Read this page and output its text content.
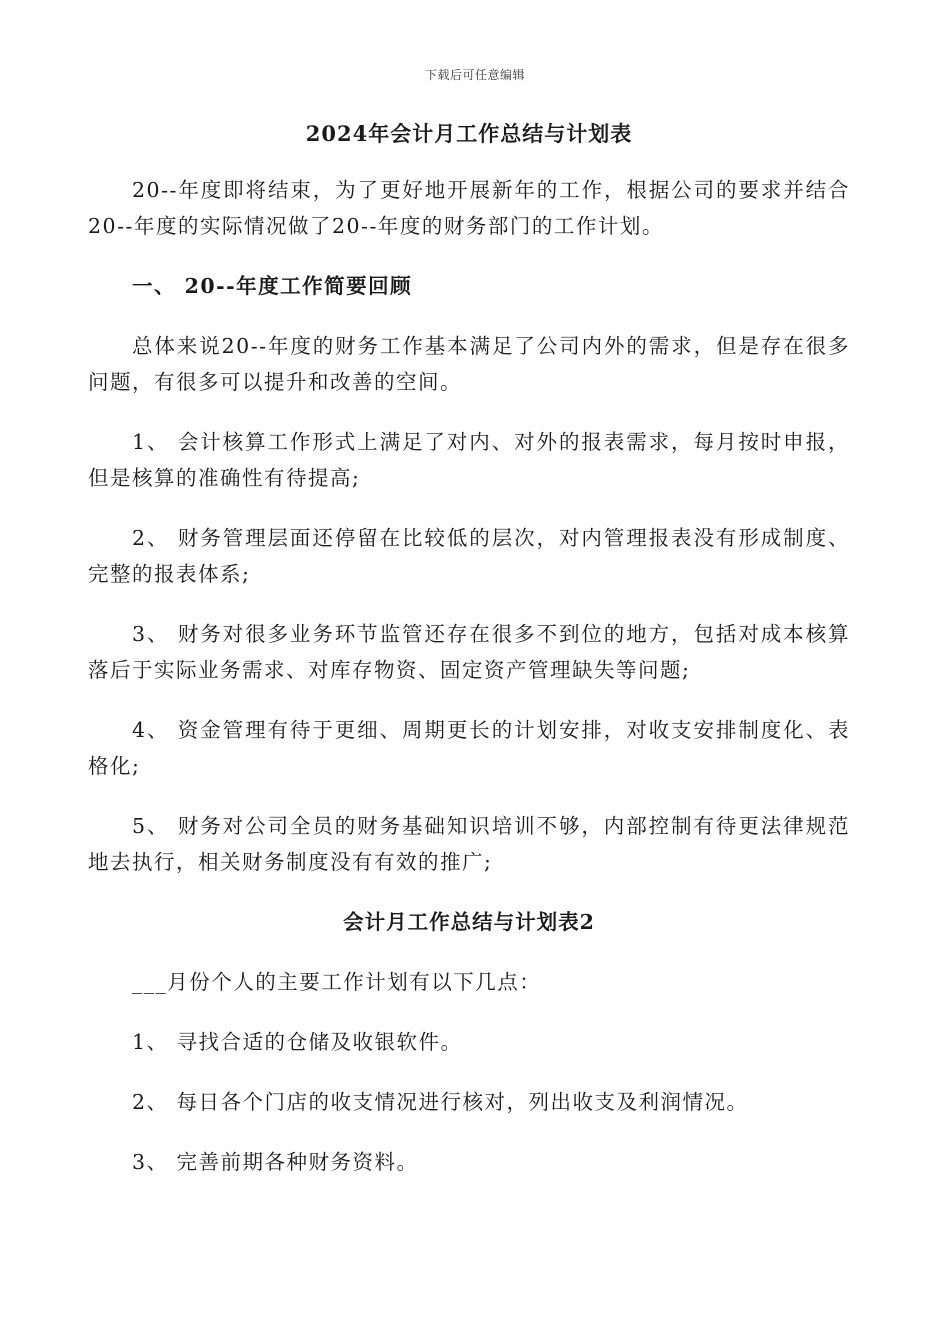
下载后可任意编辑
2024年会计月工作总结与计划表

20--年度即将结束，为了更好地开展新年的工作，根据公司的要求并结合20--年度的实际情况做了20--年度的财务部门的工作计划。

一、 20--年度工作简要回顾

总体来说20--年度的财务工作基本满足了公司内外的需求，但是存在很多问题，有很多可以提升和改善的空间。

1、 会计核算工作形式上满足了对内、对外的报表需求，每月按时申报，但是核算的准确性有待提高;

2、 财务管理层面还停留在比较低的层次，对内管理报表没有形成制度、完整的报表体系;

3、 财务对很多业务环节监管还存在很多不到位的地方，包括对成本核算落后于实际业务需求、对库存物资、固定资产管理缺失等问题;

4、 资金管理有待于更细、周期更长的计划安排，对收支安排制度化、表格化;

5、 财务对公司全员的财务基础知识培训不够，内部控制有待更法律规范地去执行，相关财务制度没有有效的推广;

会计月工作总结与计划表2

___月份个人的主要工作计划有以下几点：

1、 寻找合适的仓储及收银软件。

2、 每日各个门店的收支情况进行核对，列出收支及利润情况。

3、 完善前期各种财务资料。
